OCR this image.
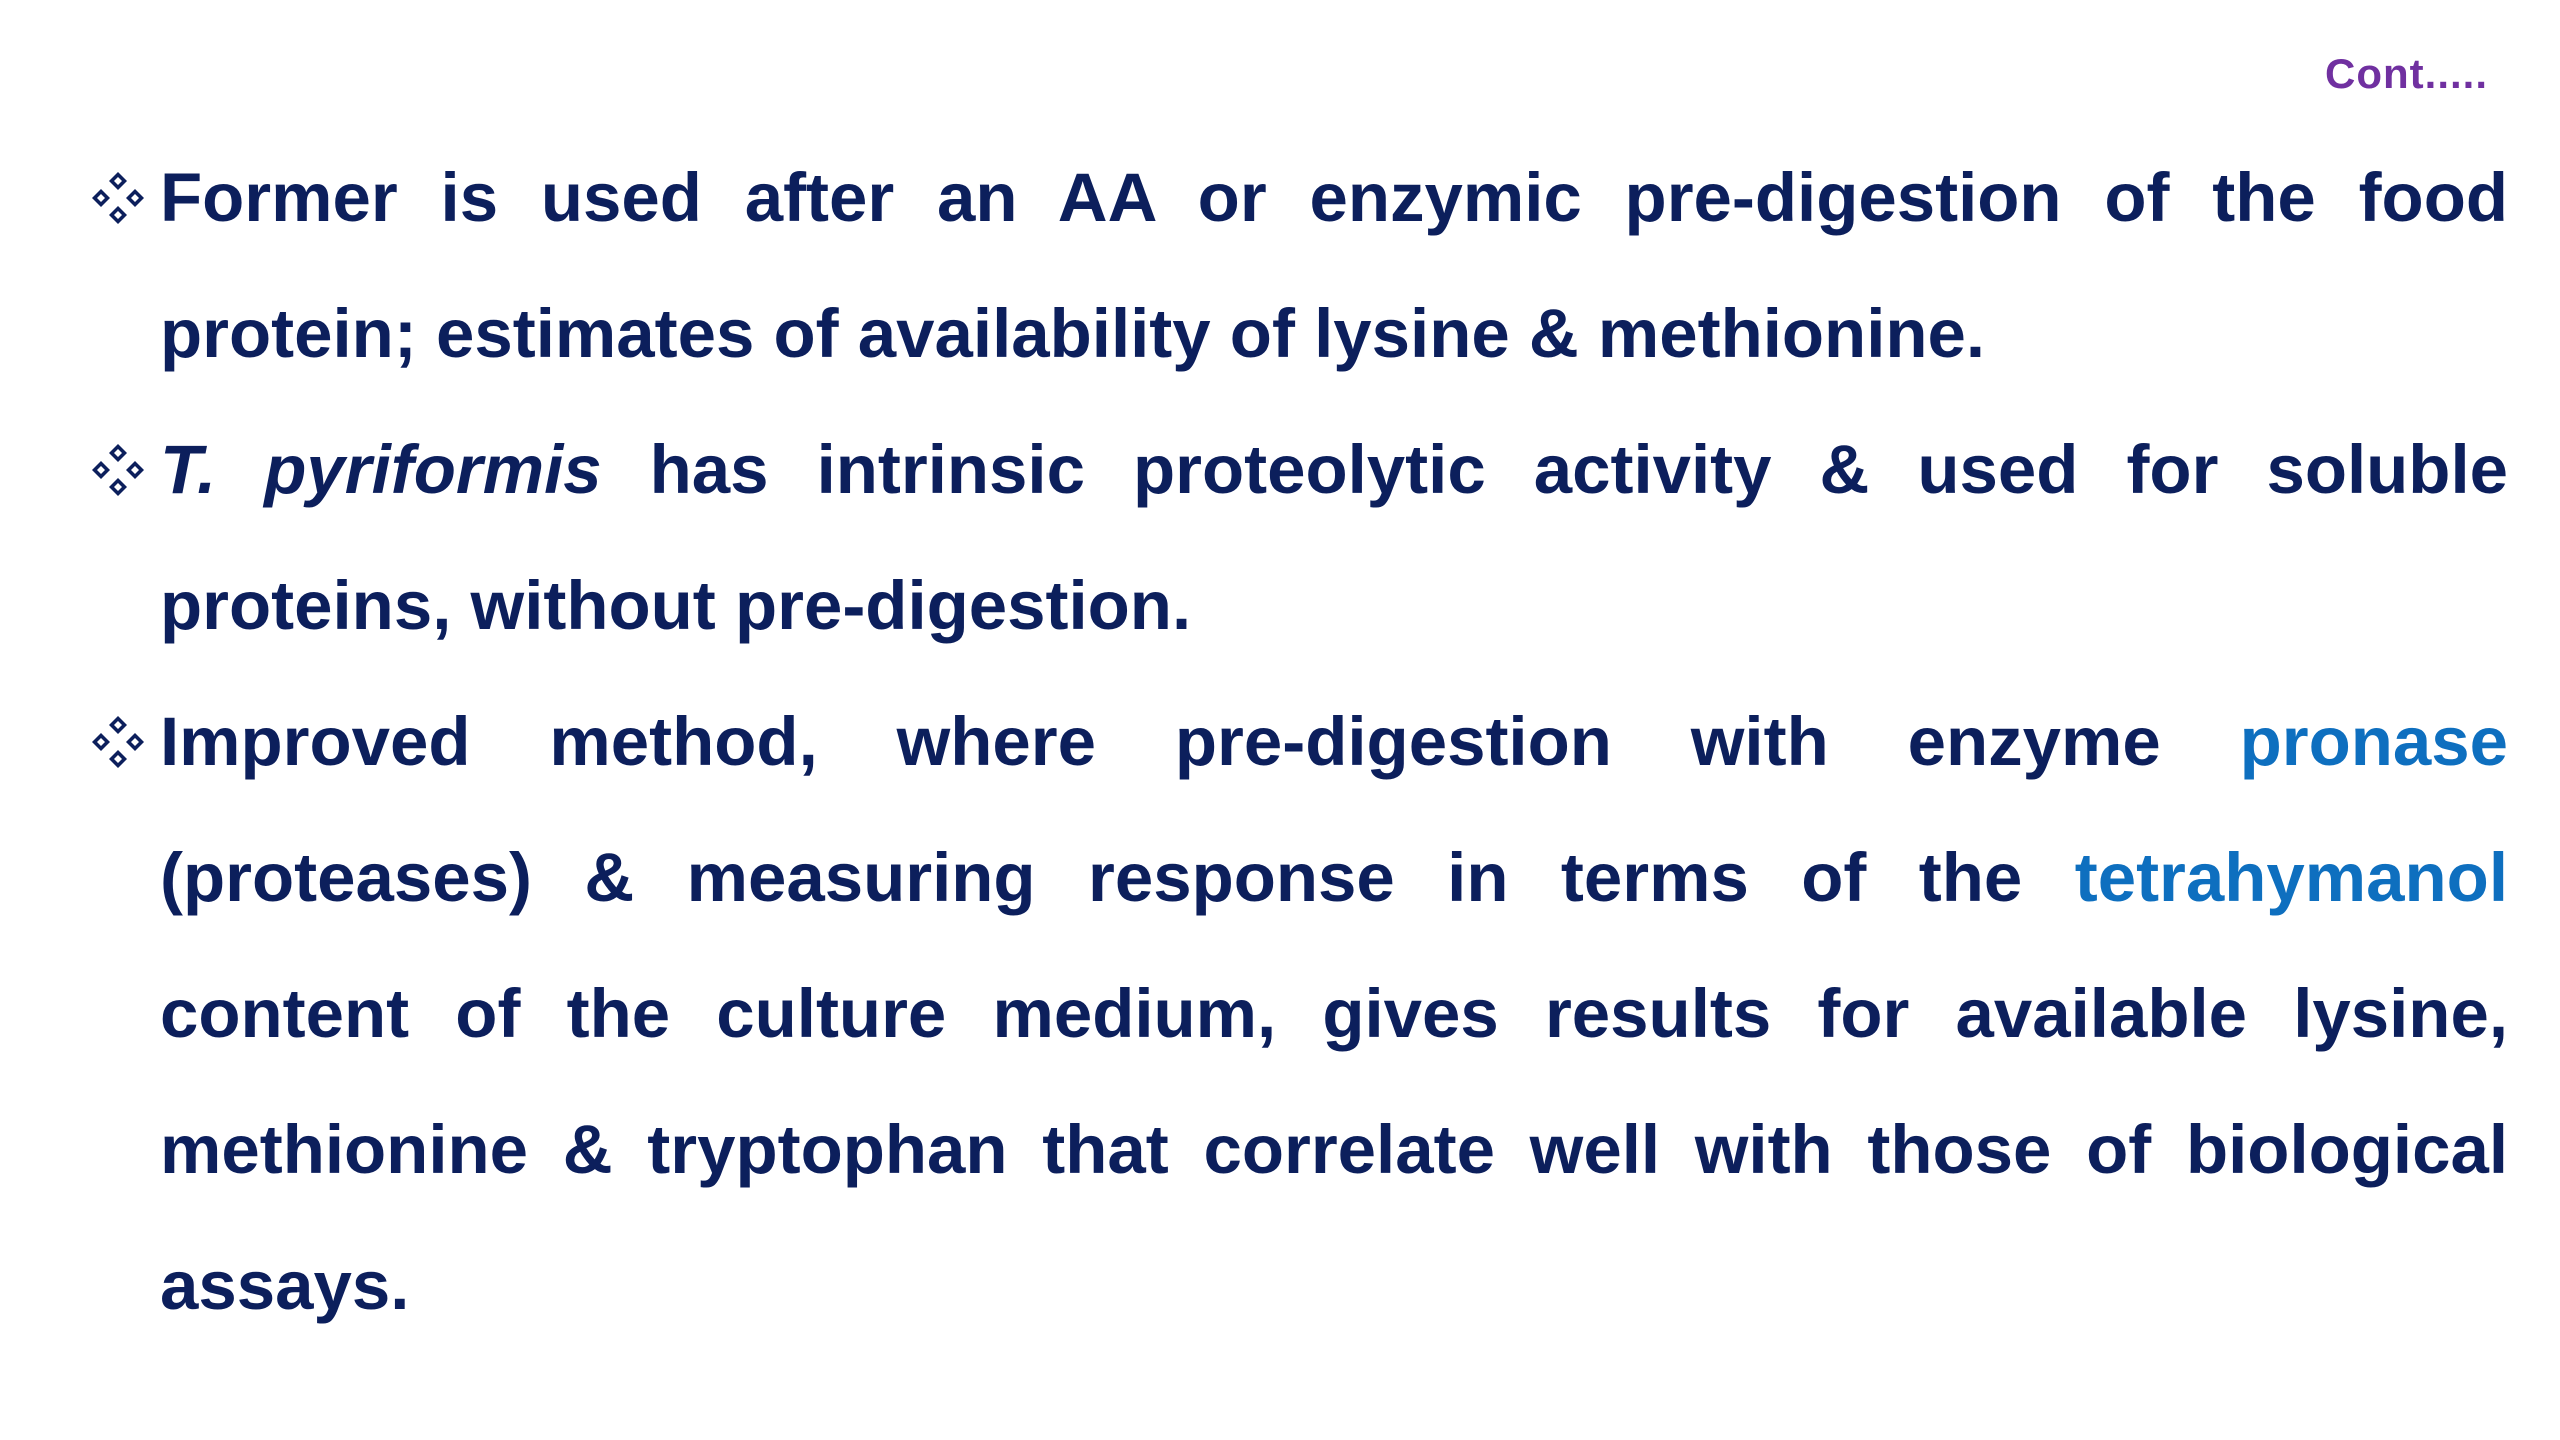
Cont.....
Former is used after an AA or enzymic pre-digestion of the food protein; estimates of availability of lysine & methionine.
T. pyriformis has intrinsic proteolytic activity & used for soluble proteins, without pre-digestion.
Improved method, where pre-digestion with enzyme pronase (proteases) & measuring response in terms of the tetrahymanol content of the culture medium, gives results for available lysine, methionine & tryptophan that correlate well with those of biological assays.
